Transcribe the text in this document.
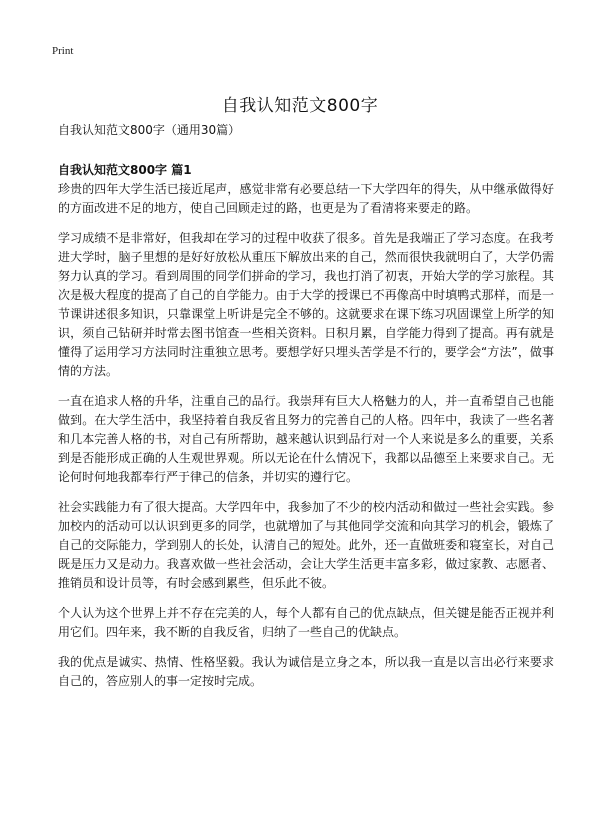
Print
自我认知范文800字
自我认知范文800字（通用30篇）
自我认知范文800字 篇1

珍贵的四年大学生活已接近尾声，感觉非常有必要总结一下大学四年的得失，从中继承做得好的方面改进不足的地方，使自己回顾走过的路，也更是为了看清将来要走的路。

学习成绩不是非常好，但我却在学习的过程中收获了很多。首先是我端正了学习态度。在我考进大学时，脑子里想的是好好放松从重压下解放出来的自己，然而很快我就明白了，大学仍需努力认真的学习。看到周围的同学们拼命的学习，我也打消了初衷，开始大学的学习旅程。其次是极大程度的提高了自己的自学能力。由于大学的授课已不再像高中时填鸭式那样，而是一节课讲述很多知识，只靠课堂上听讲是完全不够的。这就要求在课下练习巩固课堂上所学的知识，须自己钻研并时常去图书馆查一些相关资料。日积月累，自学能力得到了提高。再有就是懂得了运用学习方法同时注重独立思考。要想学好只埋头苦学是不行的，要学会“方法”，做事情的方法。

一直在追求人格的升华，注重自己的品行。我崇拜有巨大人格魅力的人，并一直希望自己也能做到。在大学生活中，我坚持着自我反省且努力的完善自己的人格。四年中，我读了一些名著和几本完善人格的书，对自己有所帮助，越来越认识到品行对一个人来说是多么的重要，关系到是否能形成正确的人生观世界观。所以无论在什么情况下，我都以品德至上来要求自己。无论何时何地我都奉行严于律己的信条，并切实的遵行它。

社会实践能力有了很大提高。大学四年中，我参加了不少的校内活动和做过一些社会实践。参加校内的活动可以认识到更多的同学，也就增加了与其他同学交流和向其学习的机会，锻炼了自己的交际能力，学到别人的长处，认清自己的短处。此外，还一直做班委和寝室长，对自己既是压力又是动力。我喜欢做一些社会活动，会让大学生活更丰富多彩，做过家教、志愿者、推销员和设计员等，有时会感到累些，但乐此不彼。

个人认为这个世界上并不存在完美的人，每个人都有自己的优点缺点，但关键是能否正视并利用它们。四年来，我不断的自我反省，归纳了一些自己的优缺点。

我的优点是诚实、热情、性格坚毅。我认为诚信是立身之本，所以我一直是以言出必行来要求自己的，答应别人的事一定按时完成。
